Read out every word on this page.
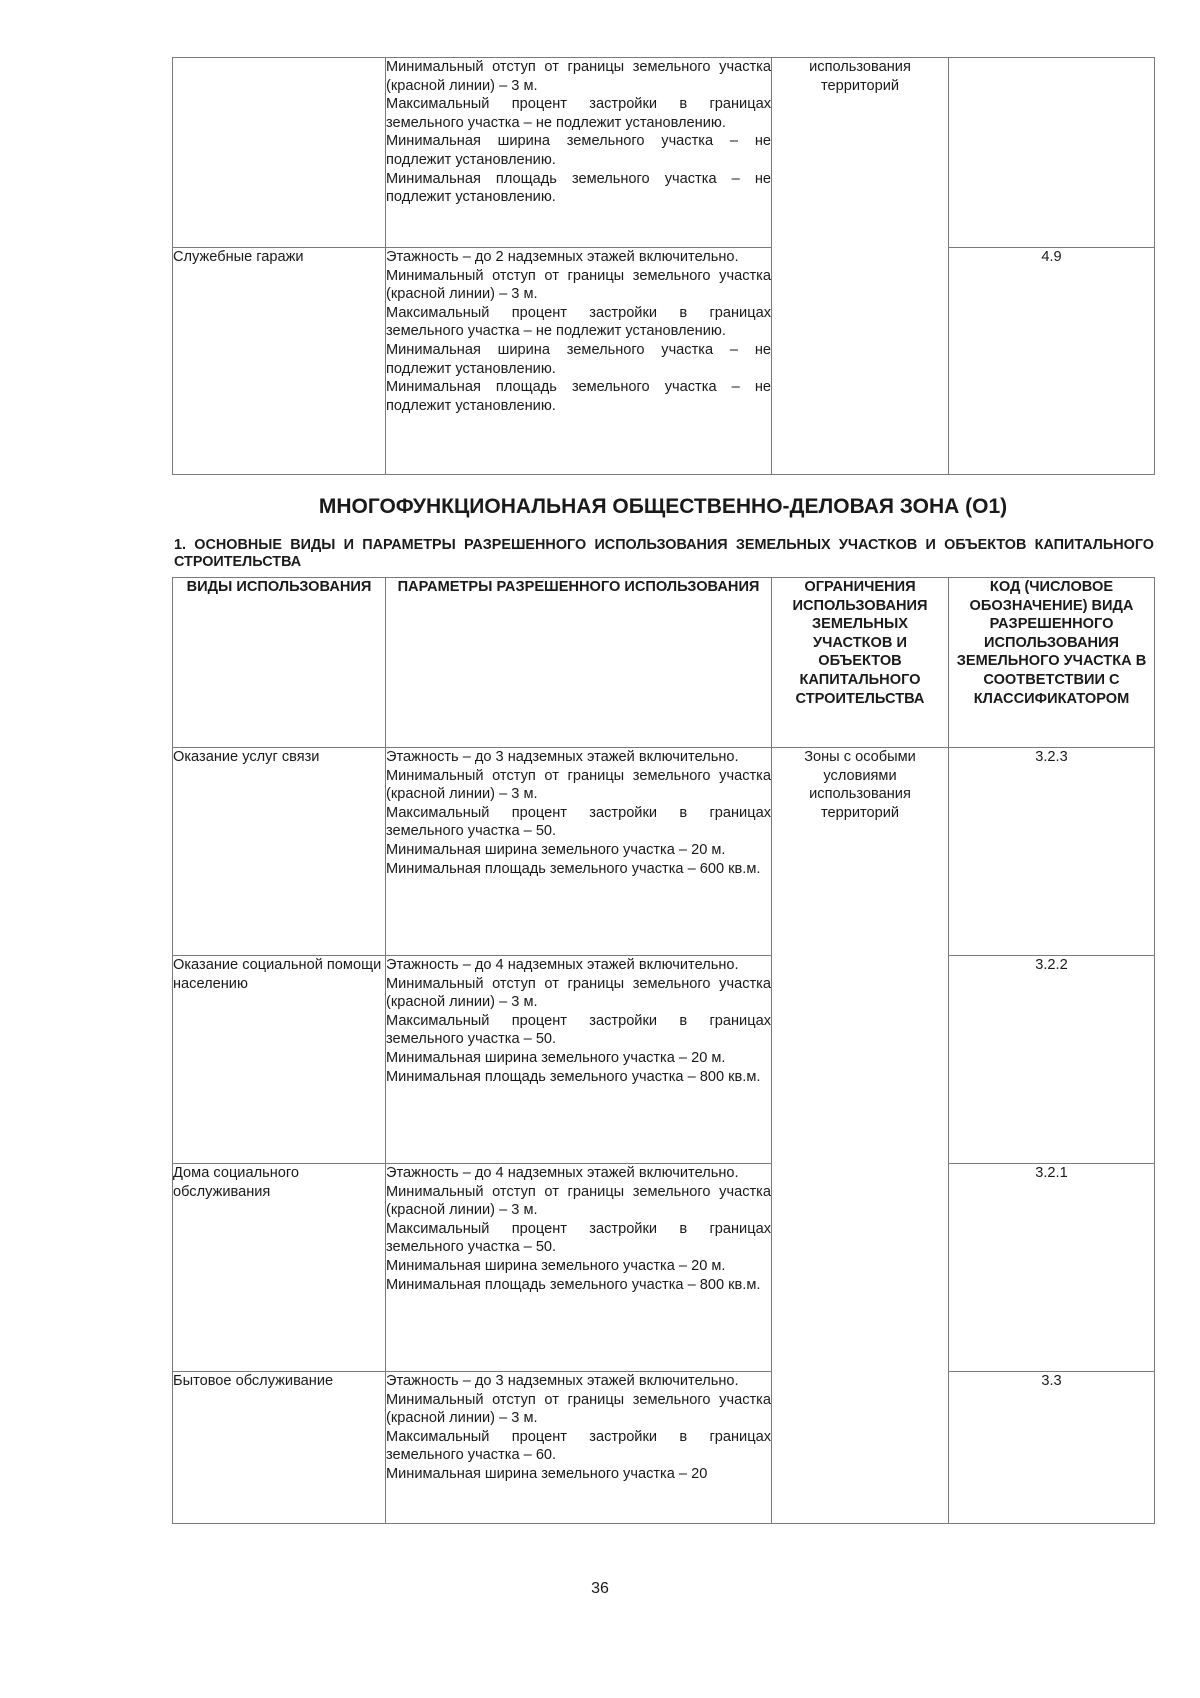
	Минимальный отступ от границы земельного участка (красной линии) – 3 м.
Максимальный процент застройки в границах земельного участка – не подлежит установлению.
Минимальная ширина земельного участка – не подлежит установлению.
Минимальная площадь земельного участка – не подлежит установлению.	использования территорий	
Служебные гаражи	Этажность – до 2 надземных этажей включительно.
Минимальный отступ от границы земельного участка (красной линии) – 3 м.
Максимальный процент застройки в границах земельного участка – не подлежит установлению.
Минимальная ширина земельного участка – не подлежит установлению.
Минимальная площадь земельного участка – не подлежит установлению.		4.9
МНОГОФУНКЦИОНАЛЬНАЯ ОБЩЕСТВЕННО-ДЕЛОВАЯ ЗОНА (О1)

1. ОСНОВНЫЕ ВИДЫ И ПАРАМЕТРЫ РАЗРЕШЕННОГО ИСПОЛЬЗОВАНИЯ ЗЕМЕЛЬНЫХ УЧАСТКОВ И ОБЪЕКТОВ КАПИТАЛЬНОГО СТРОИТЕЛЬСТВА

ВИДЫ ИСПОЛЬЗОВАНИЯ	ПАРАМЕТРЫ РАЗРЕШЕННОГО ИСПОЛЬЗОВАНИЯ	ОГРАНИЧЕНИЯ ИСПОЛЬЗОВАНИЯ ЗЕМЕЛЬНЫХ УЧАСТКОВ И ОБЪЕКТОВ КАПИТАЛЬНОГО СТРОИТЕЛЬСТВА	КОД (ЧИСЛОВОЕ ОБОЗНАЧЕНИЕ) ВИДА РАЗРЕШЕННОГО ИСПОЛЬЗОВАНИЯ ЗЕМЕЛЬНОГО УЧАСТКА В СООТВЕТСТВИИ С КЛАССИФИКАТОРОМ
Оказание услуг связи	Этажность – до 3 надземных этажей включительно.
Минимальный отступ от границы земельного участка (красной линии) – 3 м.
Максимальный процент застройки в границах земельного участка – 50.
Минимальная ширина земельного участка – 20 м.
Минимальная площадь земельного участка – 600 кв.м.	Зоны с особыми условиями использования территорий	3.2.3
Оказание социальной помощи населению	Этажность – до 4 надземных этажей включительно.
Минимальный отступ от границы земельного участка (красной линии) – 3 м.
Максимальный процент застройки в границах земельного участка – 50.
Минимальная ширина земельного участка – 20 м.
Минимальная площадь земельного участка – 800 кв.м.		3.2.2
Дома социального обслуживания	Этажность – до 4 надземных этажей включительно.
Минимальный отступ от границы земельного участка (красной линии) – 3 м.
Максимальный процент застройки в границах земельного участка – 50.
Минимальная ширина земельного участка – 20 м.
Минимальная площадь земельного участка – 800 кв.м.		3.2.1
Бытовое обслуживание	Этажность – до 3 надземных этажей включительно.
Минимальный отступ от границы земельного участка (красной линии) – 3 м.
Максимальный процент застройки в границах земельного участка – 60.
Минимальная ширина земельного участка – 20		3.3

36
